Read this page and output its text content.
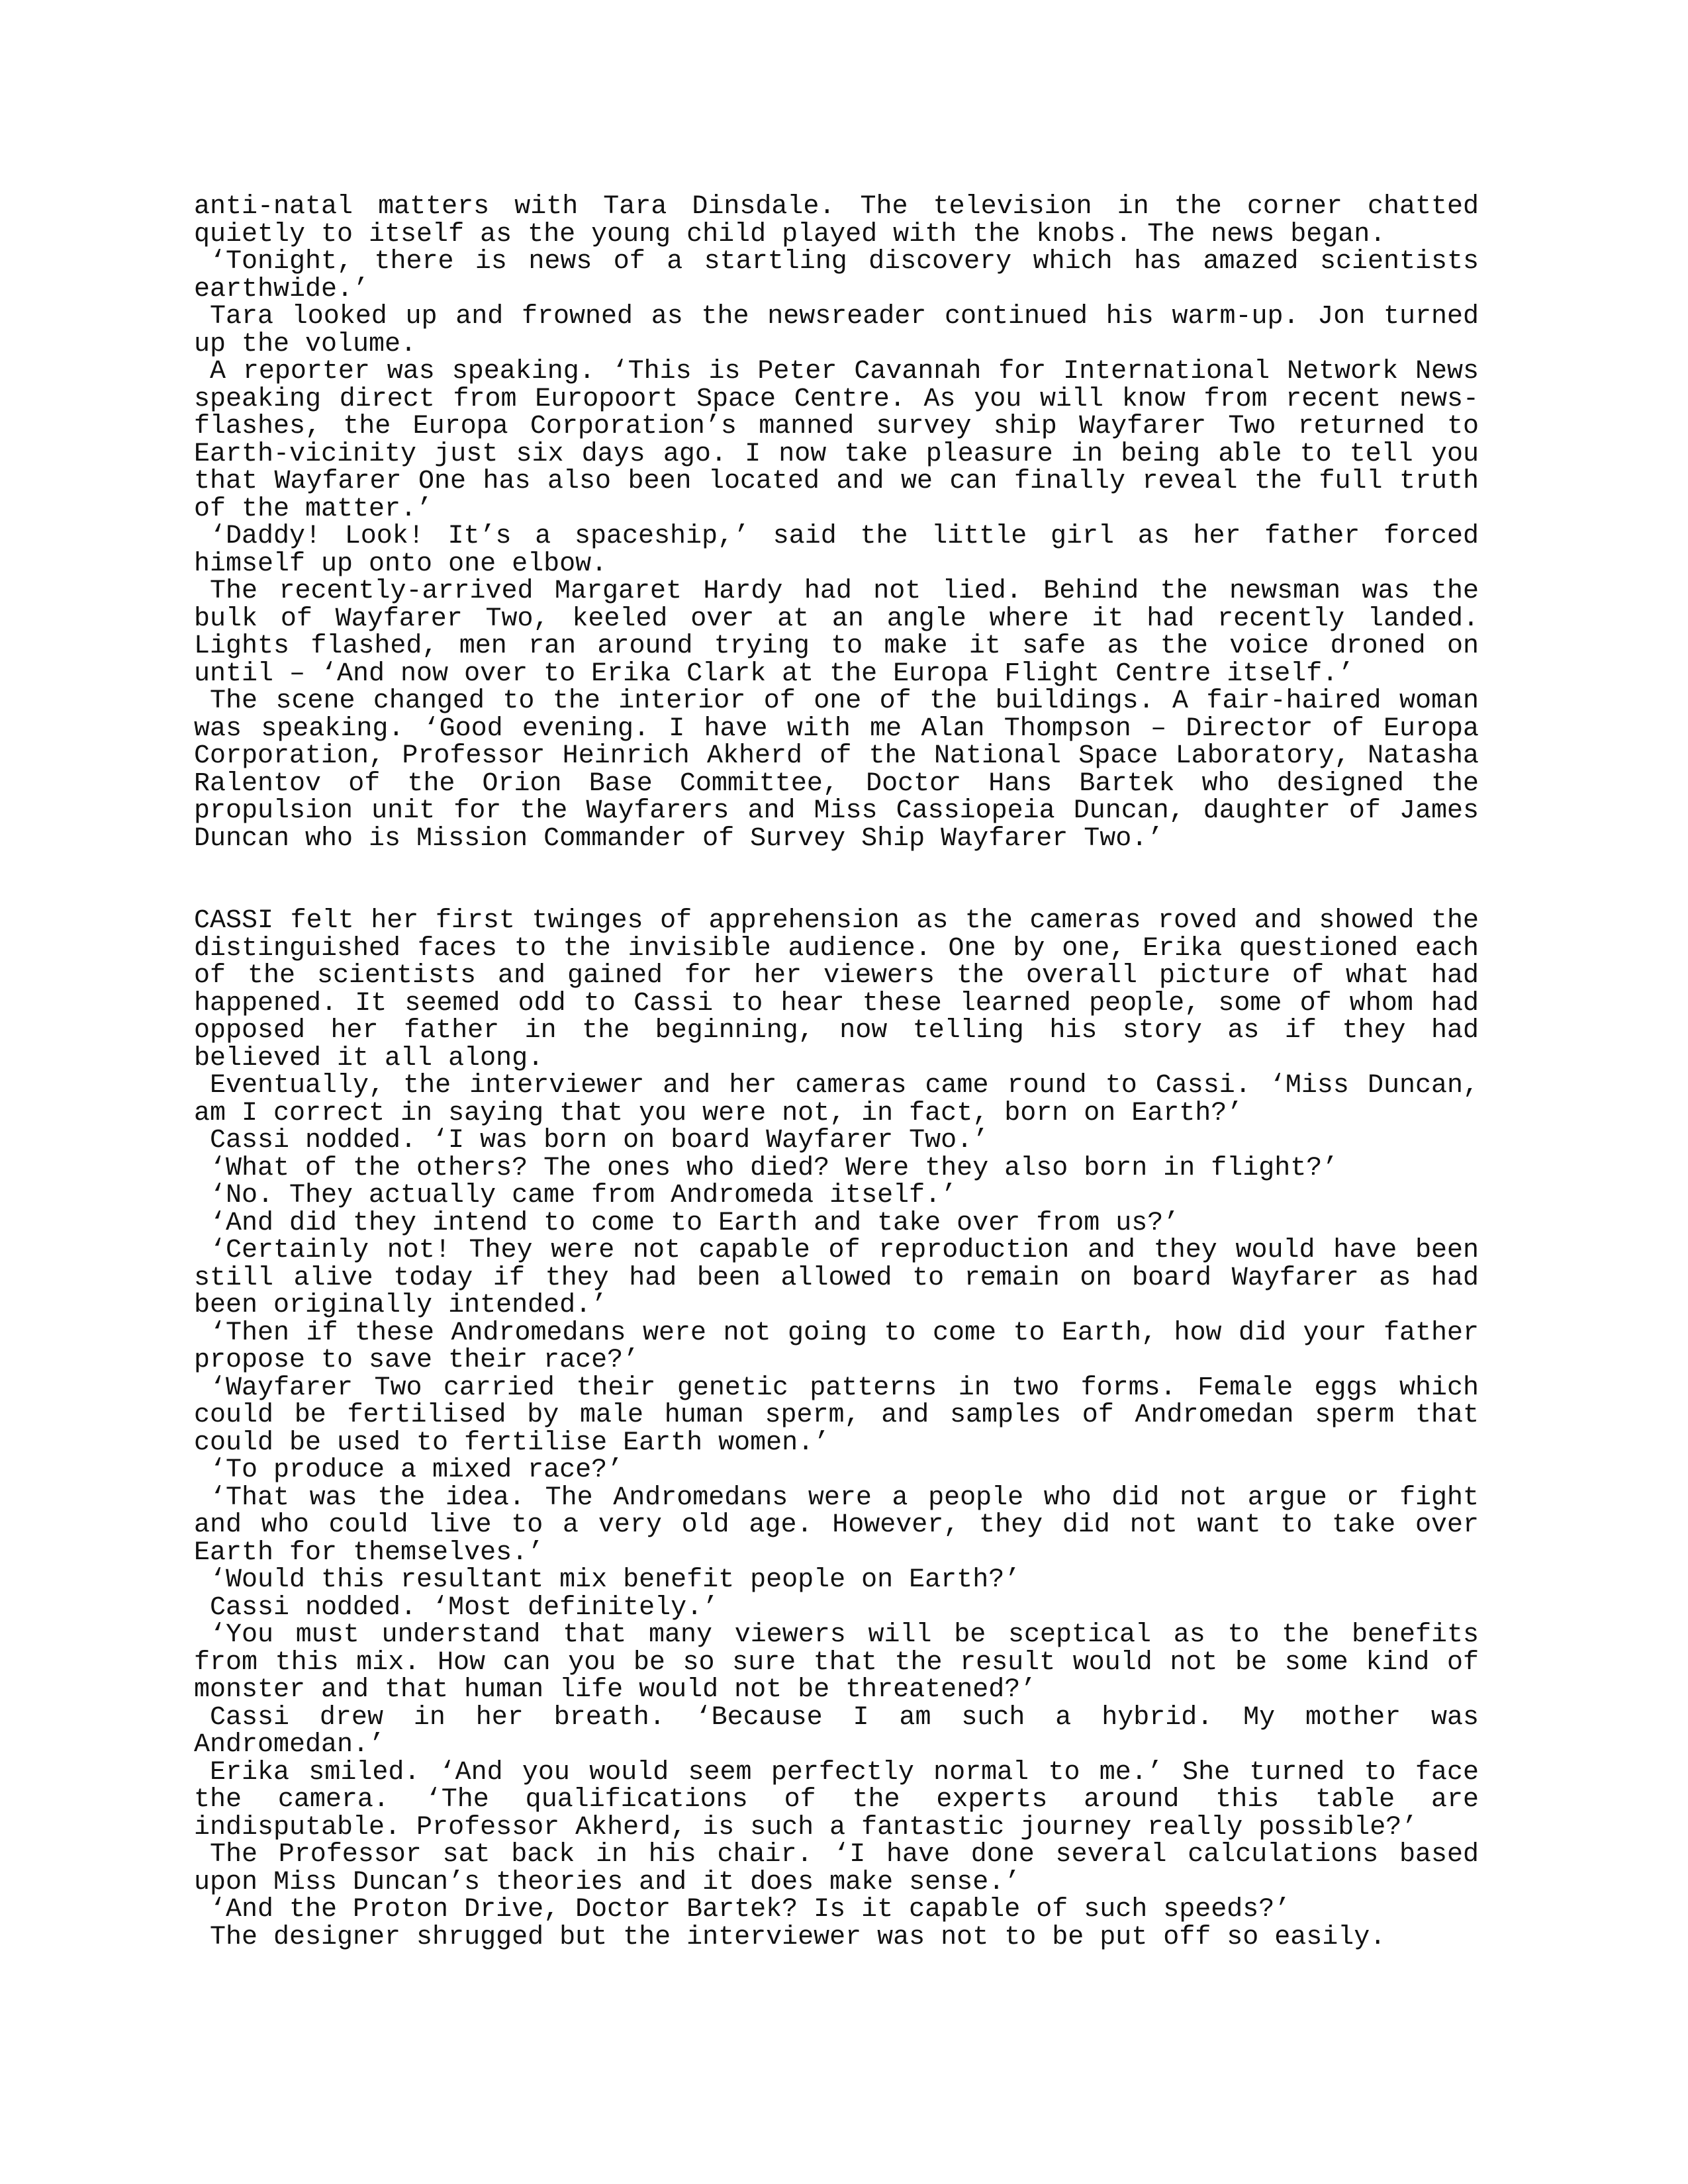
anti-natal matters with Tara Dinsdale. The television in the corner chatted quietly to itself as the young child played with the knobs. The news began.

‘Tonight, there is news of a startling discovery which has amazed scientists earthwide.’

Tara looked up and frowned as the newsreader continued his warm-up. Jon turned up the volume.

A reporter was speaking. ‘This is Peter Cavannah for International Network News speaking direct from Europoort Space Centre. As you will know from recent news-flashes, the Europa Corporation’s manned survey ship Wayfarer Two returned to Earth-vicinity just six days ago. I now take pleasure in being able to tell you that Wayfarer One has also been located and we can finally reveal the full truth of the matter.’

‘Daddy! Look! It’s a spaceship,’ said the little girl as her father forced himself up onto one elbow.

The recently-arrived Margaret Hardy had not lied. Behind the newsman was the bulk of Wayfarer Two, keeled over at an angle where it had recently landed. Lights flashed, men ran around trying to make it safe as the voice droned on until – ‘And now over to Erika Clark at the Europa Flight Centre itself.’

The scene changed to the interior of one of the buildings. A fair-haired woman was speaking. ‘Good evening. I have with me Alan Thompson – Director of Europa Corporation, Professor Heinrich Akherd of the National Space Laboratory, Natasha Ralentov of the Orion Base Committee, Doctor Hans Bartek who designed the propulsion unit for the Wayfarers and Miss Cassiopeia Duncan, daughter of James Duncan who is Mission Commander of Survey Ship Wayfarer Two.’

CASSI felt her first twinges of apprehension as the cameras roved and showed the distinguished faces to the invisible audience. One by one, Erika questioned each of the scientists and gained for her viewers the overall picture of what had happened. It seemed odd to Cassi to hear these learned people, some of whom had opposed her father in the beginning, now telling his story as if they had believed it all along.

Eventually, the interviewer and her cameras came round to Cassi. ‘Miss Duncan, am I correct in saying that you were not, in fact, born on Earth?’

Cassi nodded. ‘I was born on board Wayfarer Two.’

‘What of the others? The ones who died? Were they also born in flight?’

‘No. They actually came from Andromeda itself.’

‘And did they intend to come to Earth and take over from us?’

‘Certainly not! They were not capable of reproduction and they would have been still alive today if they had been allowed to remain on board Wayfarer as had been originally intended.’

‘Then if these Andromedans were not going to come to Earth, how did your father propose to save their race?’

‘Wayfarer Two carried their genetic patterns in two forms. Female eggs which could be fertilised by male human sperm, and samples of Andromedan sperm that could be used to fertilise Earth women.’

‘To produce a mixed race?’

‘That was the idea. The Andromedans were a people who did not argue or fight and who could live to a very old age. However, they did not want to take over Earth for themselves.’

‘Would this resultant mix benefit people on Earth?’

Cassi nodded. ‘Most definitely.’

‘You must understand that many viewers will be sceptical as to the benefits from this mix. How can you be so sure that the result would not be some kind of monster and that human life would not be threatened?’

Cassi drew in her breath. ‘Because I am such a hybrid. My mother was Andromedan.’

Erika smiled. ‘And you would seem perfectly normal to me.’ She turned to face the camera. ‘The qualifications of the experts around this table are indisputable. Professor Akherd, is such a fantastic journey really possible?’

The Professor sat back in his chair. ‘I have done several calculations based upon Miss Duncan’s theories and it does make sense.’

‘And the Proton Drive, Doctor Bartek? Is it capable of such speeds?’

The designer shrugged but the interviewer was not to be put off so easily.
